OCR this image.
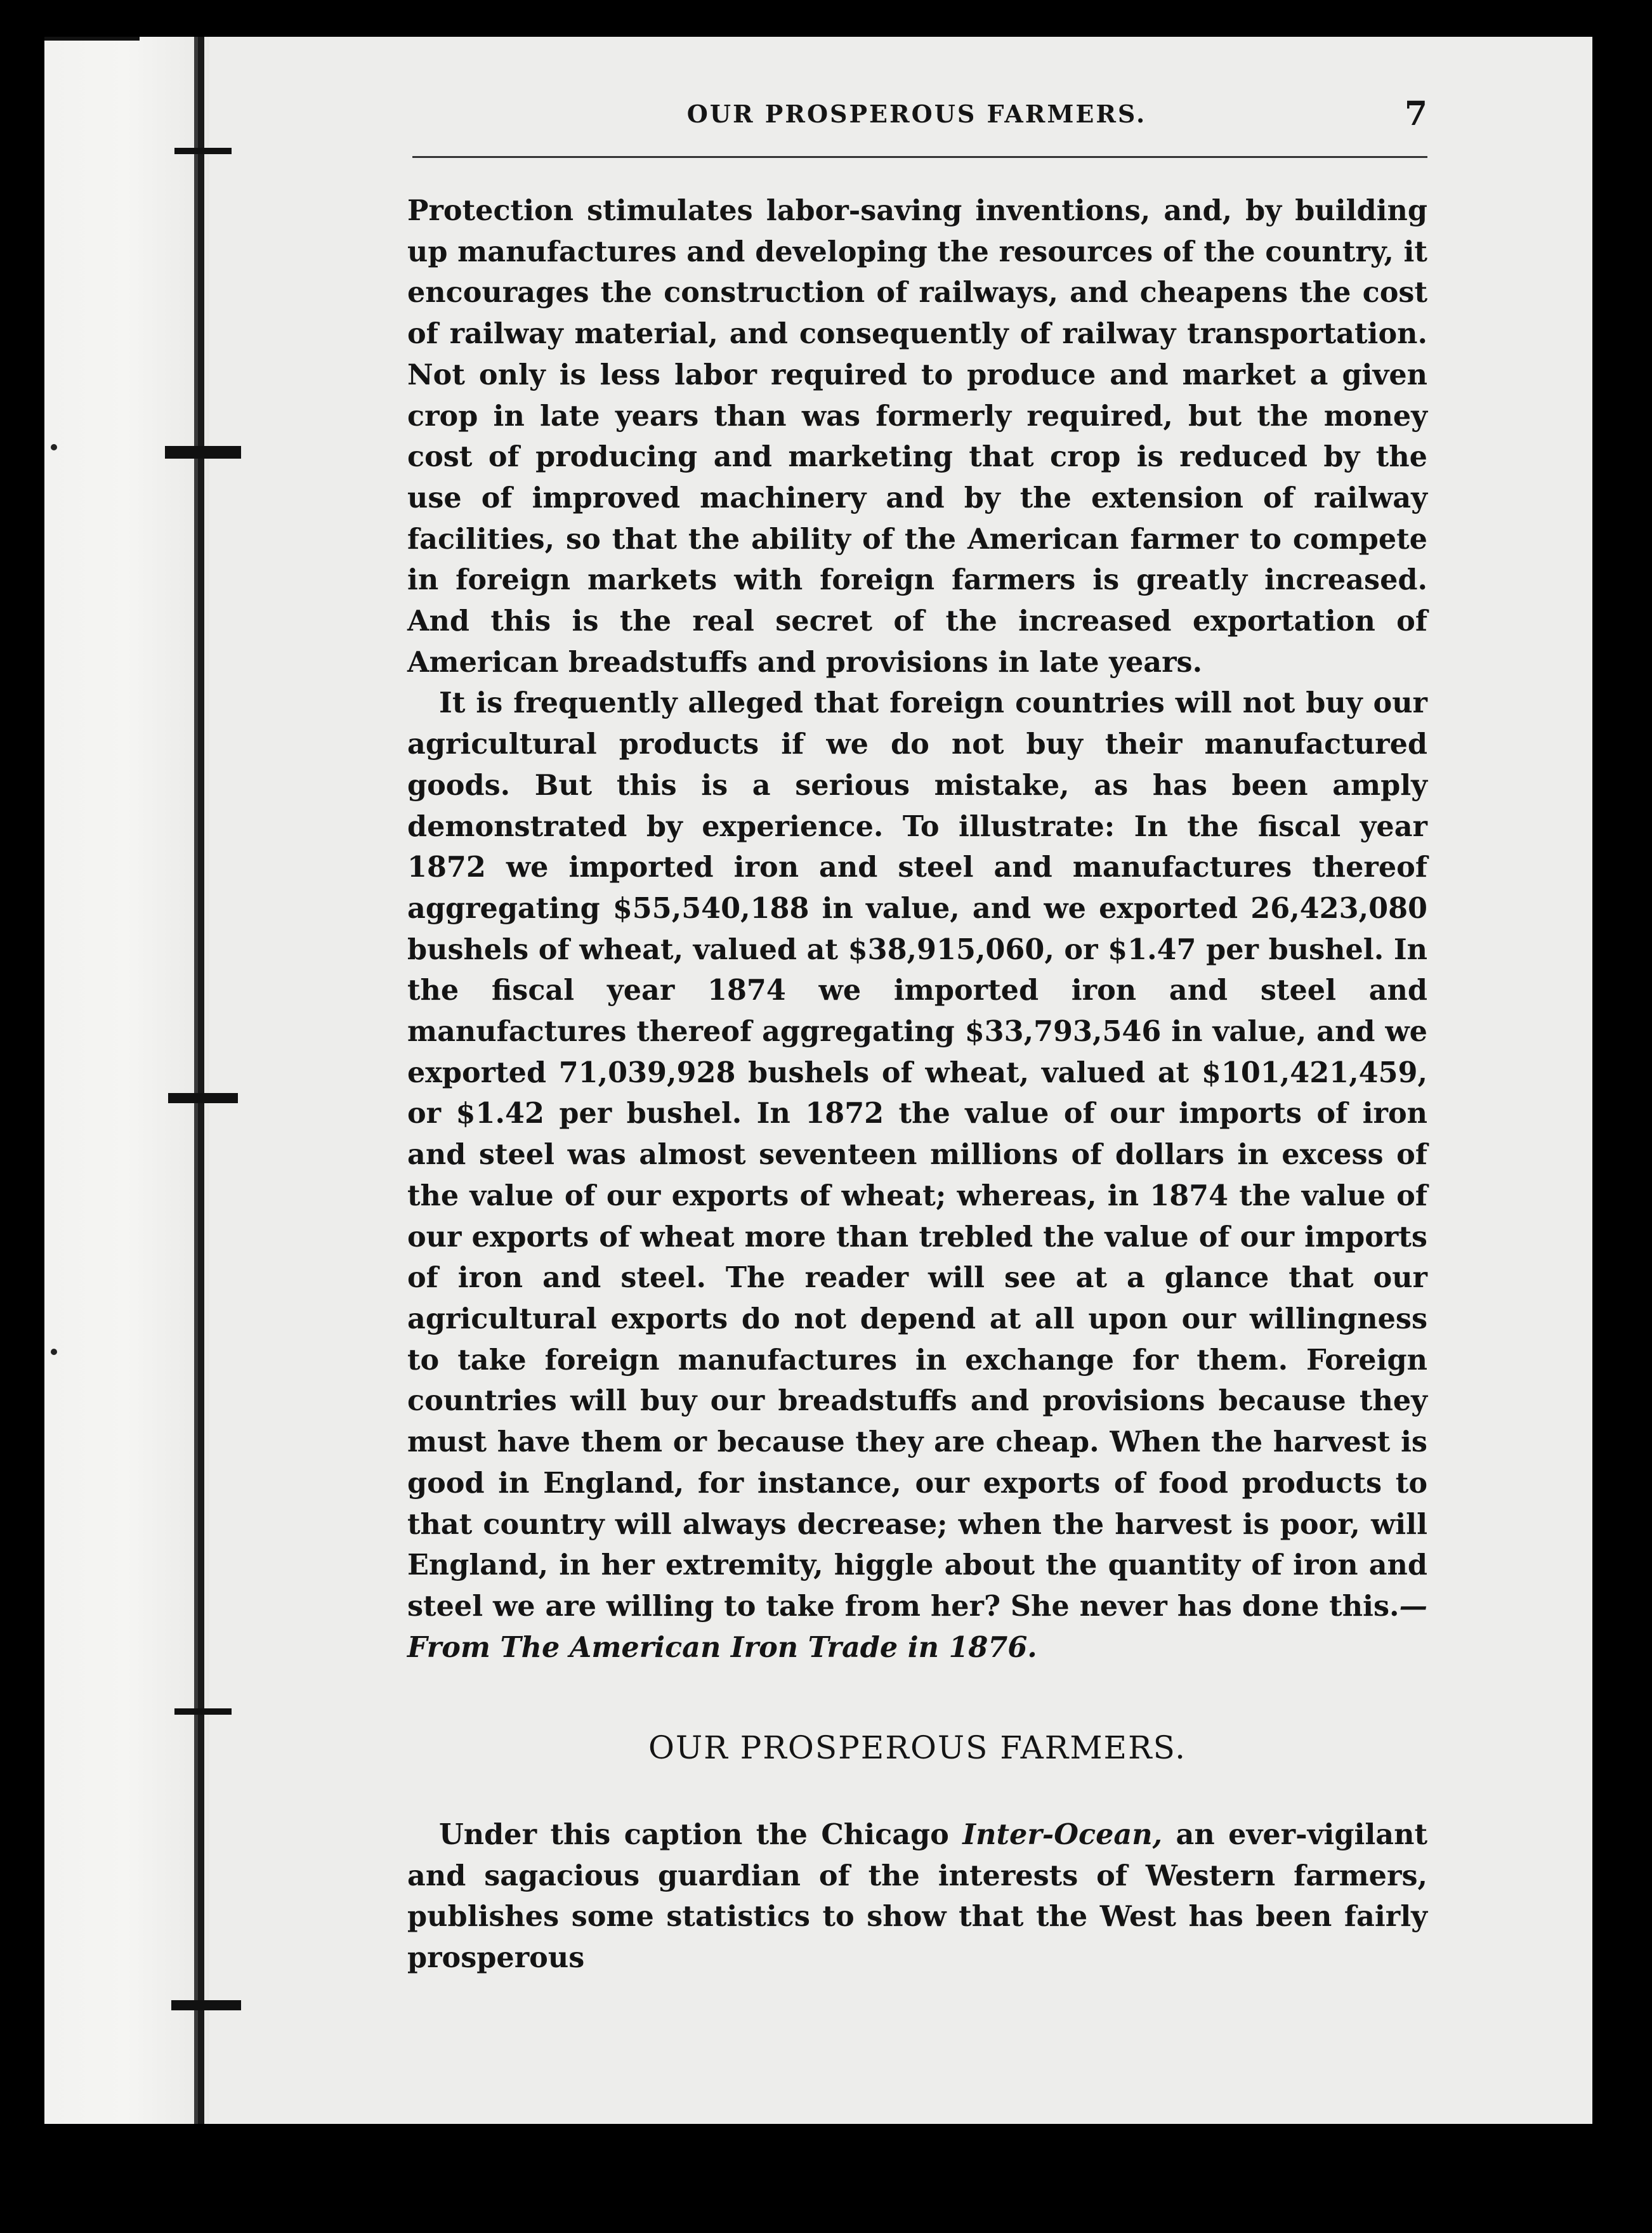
OUR PROSPEROUS FARMERS.	7

Protection stimulates labor-saving inventions, and, by building up manufactures and developing the resources of the country, it encourages the construction of railways, and cheapens the cost of railway material, and consequently of railway transportation. Not only is less labor required to produce and market a given crop in late years than was formerly required, but the money cost of producing and marketing that crop is reduced by the use of improved machinery and by the extension of railway facilities, so that the ability of the American farmer to compete in foreign markets with foreign farmers is greatly increased. And this is the real secret of the increased exportation of American breadstuffs and provisions in late years.

It is frequently alleged that foreign countries will not buy our agricultural products if we do not buy their manufactured goods. But this is a serious mistake, as has been amply demonstrated by experience. To illustrate: In the fiscal year 1872 we imported iron and steel and manufactures thereof aggregating $55,540,188 in value, and we exported 26,423,080 bushels of wheat, valued at $38,915,060, or $1.47 per bushel. In the fiscal year 1874 we imported iron and steel and manufactures thereof aggregating $33,793,546 in value, and we exported 71,039,928 bushels of wheat, valued at $101,421,459, or $1.42 per bushel. In 1872 the value of our imports of iron and steel was almost seventeen millions of dollars in excess of the value of our exports of wheat; whereas, in 1874 the value of our exports of wheat more than trebled the value of our imports of iron and steel. The reader will see at a glance that our agricultural exports do not depend at all upon our willingness to take foreign manufactures in exchange for them. Foreign countries will buy our breadstuffs and provisions because they must have them or because they are cheap. When the harvest is good in England, for instance, our exports of food products to that country will always decrease; when the harvest is poor, will England, in her extremity, higgle about the quantity of iron and steel we are willing to take from her? She never has done this.—From The American Iron Trade in 1876.

OUR PROSPEROUS FARMERS.

Under this caption the Chicago Inter-Ocean, an ever-vigilant and sagacious guardian of the interests of Western farmers, publishes some statistics to show that the West has been fairly prosperous
